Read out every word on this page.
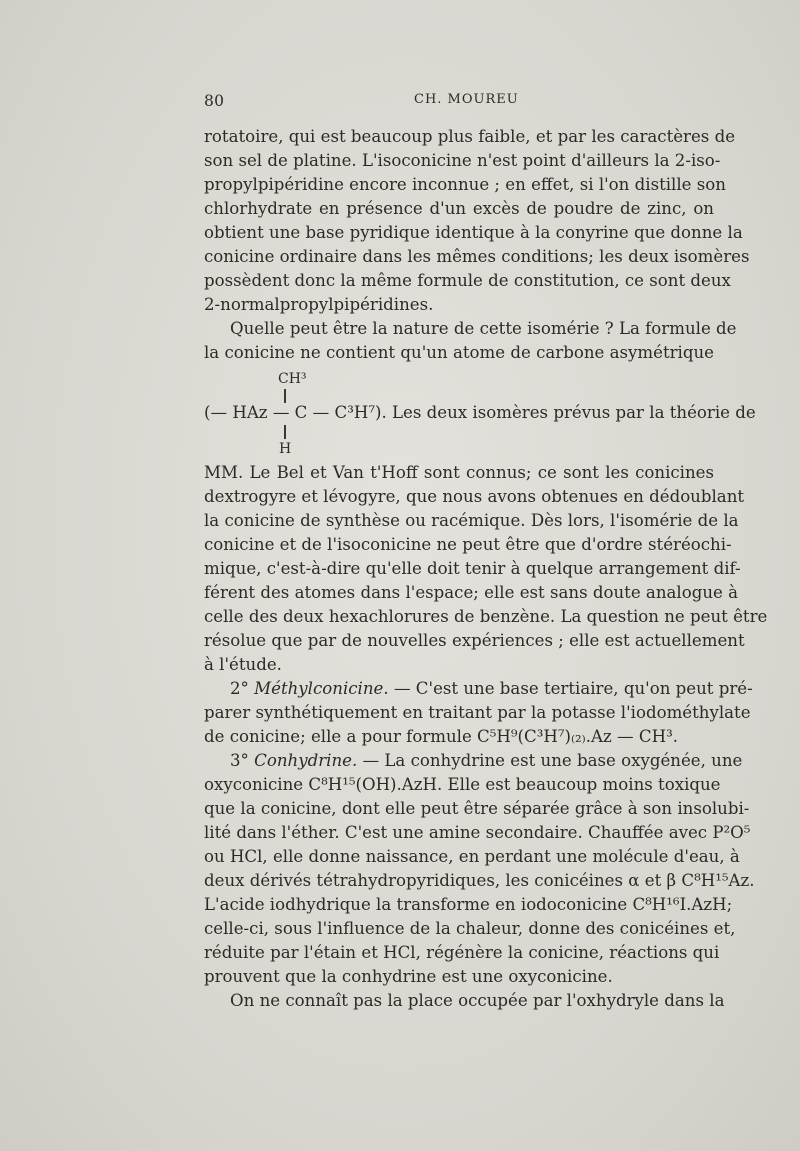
80	CH. MOUREU

rotatoire, qui est beaucoup plus faible, et par les caractères de

son sel de platine. L'isoconicine n'est point d'ailleurs la 2-iso-

propylpipéridine encore inconnue ; en effet, si l'on distille son

chlorhydrate en présence d'un excès de poudre de zinc, on

obtient une base pyridique identique à la conyrine que donne la

conicine ordinaire dans les mêmes conditions; les deux isomères

possèdent donc la même formule de constitution, ce sont deux

2-normalpropylpipéridines.

Quelle peut être la nature de cette isomérie ? La formule de

la conicine ne contient qu'un atome de carbone asymétrique

CH³
(— HAz — C — C³H⁷). Les deux isomères prévus par la théorie de
H

MM. Le Bel et Van t'Hoff sont connus; ce sont les conicines

dextrogyre et lévogyre, que nous avons obtenues en dédoublant

la conicine de synthèse ou racémique. Dès lors, l'isomérie de la

conicine et de l'isoconicine ne peut être que d'ordre stéréochi-

mique, c'est-à-dire qu'elle doit tenir à quelque arrangement dif-

férent des atomes dans l'espace; elle est sans doute analogue à

celle des deux hexachlorures de benzène. La question ne peut être

résolue que par de nouvelles expériences ; elle est actuellement

à l'étude.

2° Méthylconicine. — C'est une base tertiaire, qu'on peut pré-

parer synthétiquement en traitant par la potasse l'iodométhylate

de conicine; elle a pour formule C⁵H⁹(C³H⁷)₍₂₎.Az — CH³.

3° Conhydrine. — La conhydrine est une base oxygénée, une

oxyconicine C⁸H¹⁵(OH).AzH. Elle est beaucoup moins toxique

que la conicine, dont elle peut être séparée grâce à son insolubi-

lité dans l'éther. C'est une amine secondaire. Chauffée avec P²O⁵

ou HCl, elle donne naissance, en perdant une molécule d'eau, à

deux dérivés tétrahydropyridiques, les conicéines α et β C⁸H¹⁵Az.

L'acide iodhydrique la transforme en iodoconicine C⁸H¹⁶I.AzH;

celle-ci, sous l'influence de la chaleur, donne des conicéines et,

réduite par l'étain et HCl, régénère la conicine, réactions qui

prouvent que la conhydrine est une oxyconicine.

On ne connaît pas la place occupée par l'oxhydryle dans la
